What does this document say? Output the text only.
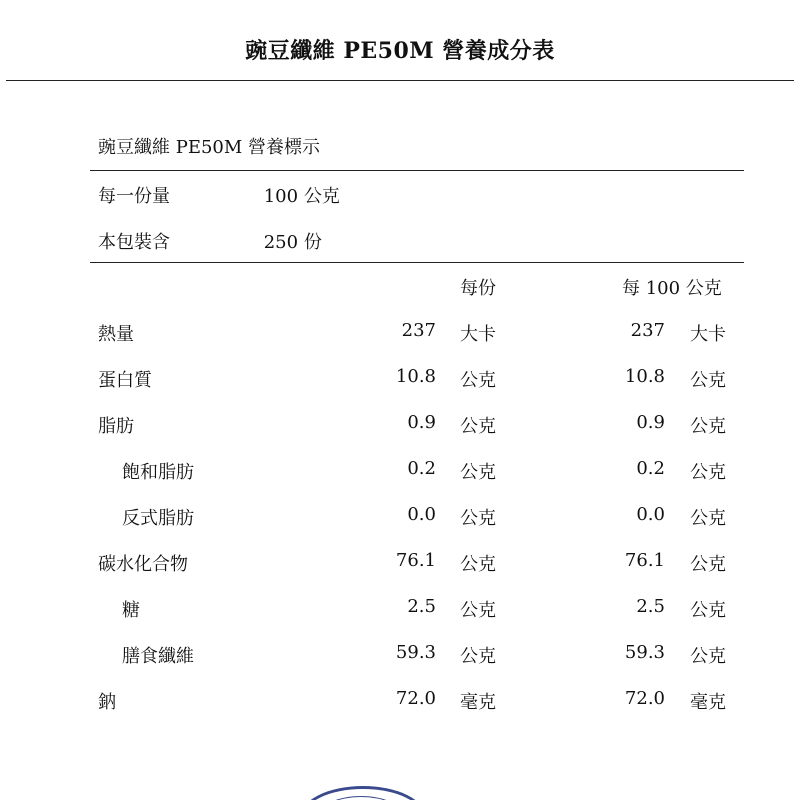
豌豆纖維 PE50M 營養成分表
豌豆纖維 PE50M 營養標示
每一份量	100 公克
本包裝含	250 份
每份	每 100 公克
熱量	237 大卡	237 大卡
蛋白質	10.8 公克	10.8 公克
脂肪	0.9 公克	0.9 公克
飽和脂肪	0.2 公克	0.2 公克
反式脂肪	0.0 公克	0.0 公克
碳水化合物	76.1 公克	76.1 公克
糖	2.5 公克	2.5 公克
膳食纖維	59.3 公克	59.3 公克
鈉	72.0 毫克	72.0 毫克
